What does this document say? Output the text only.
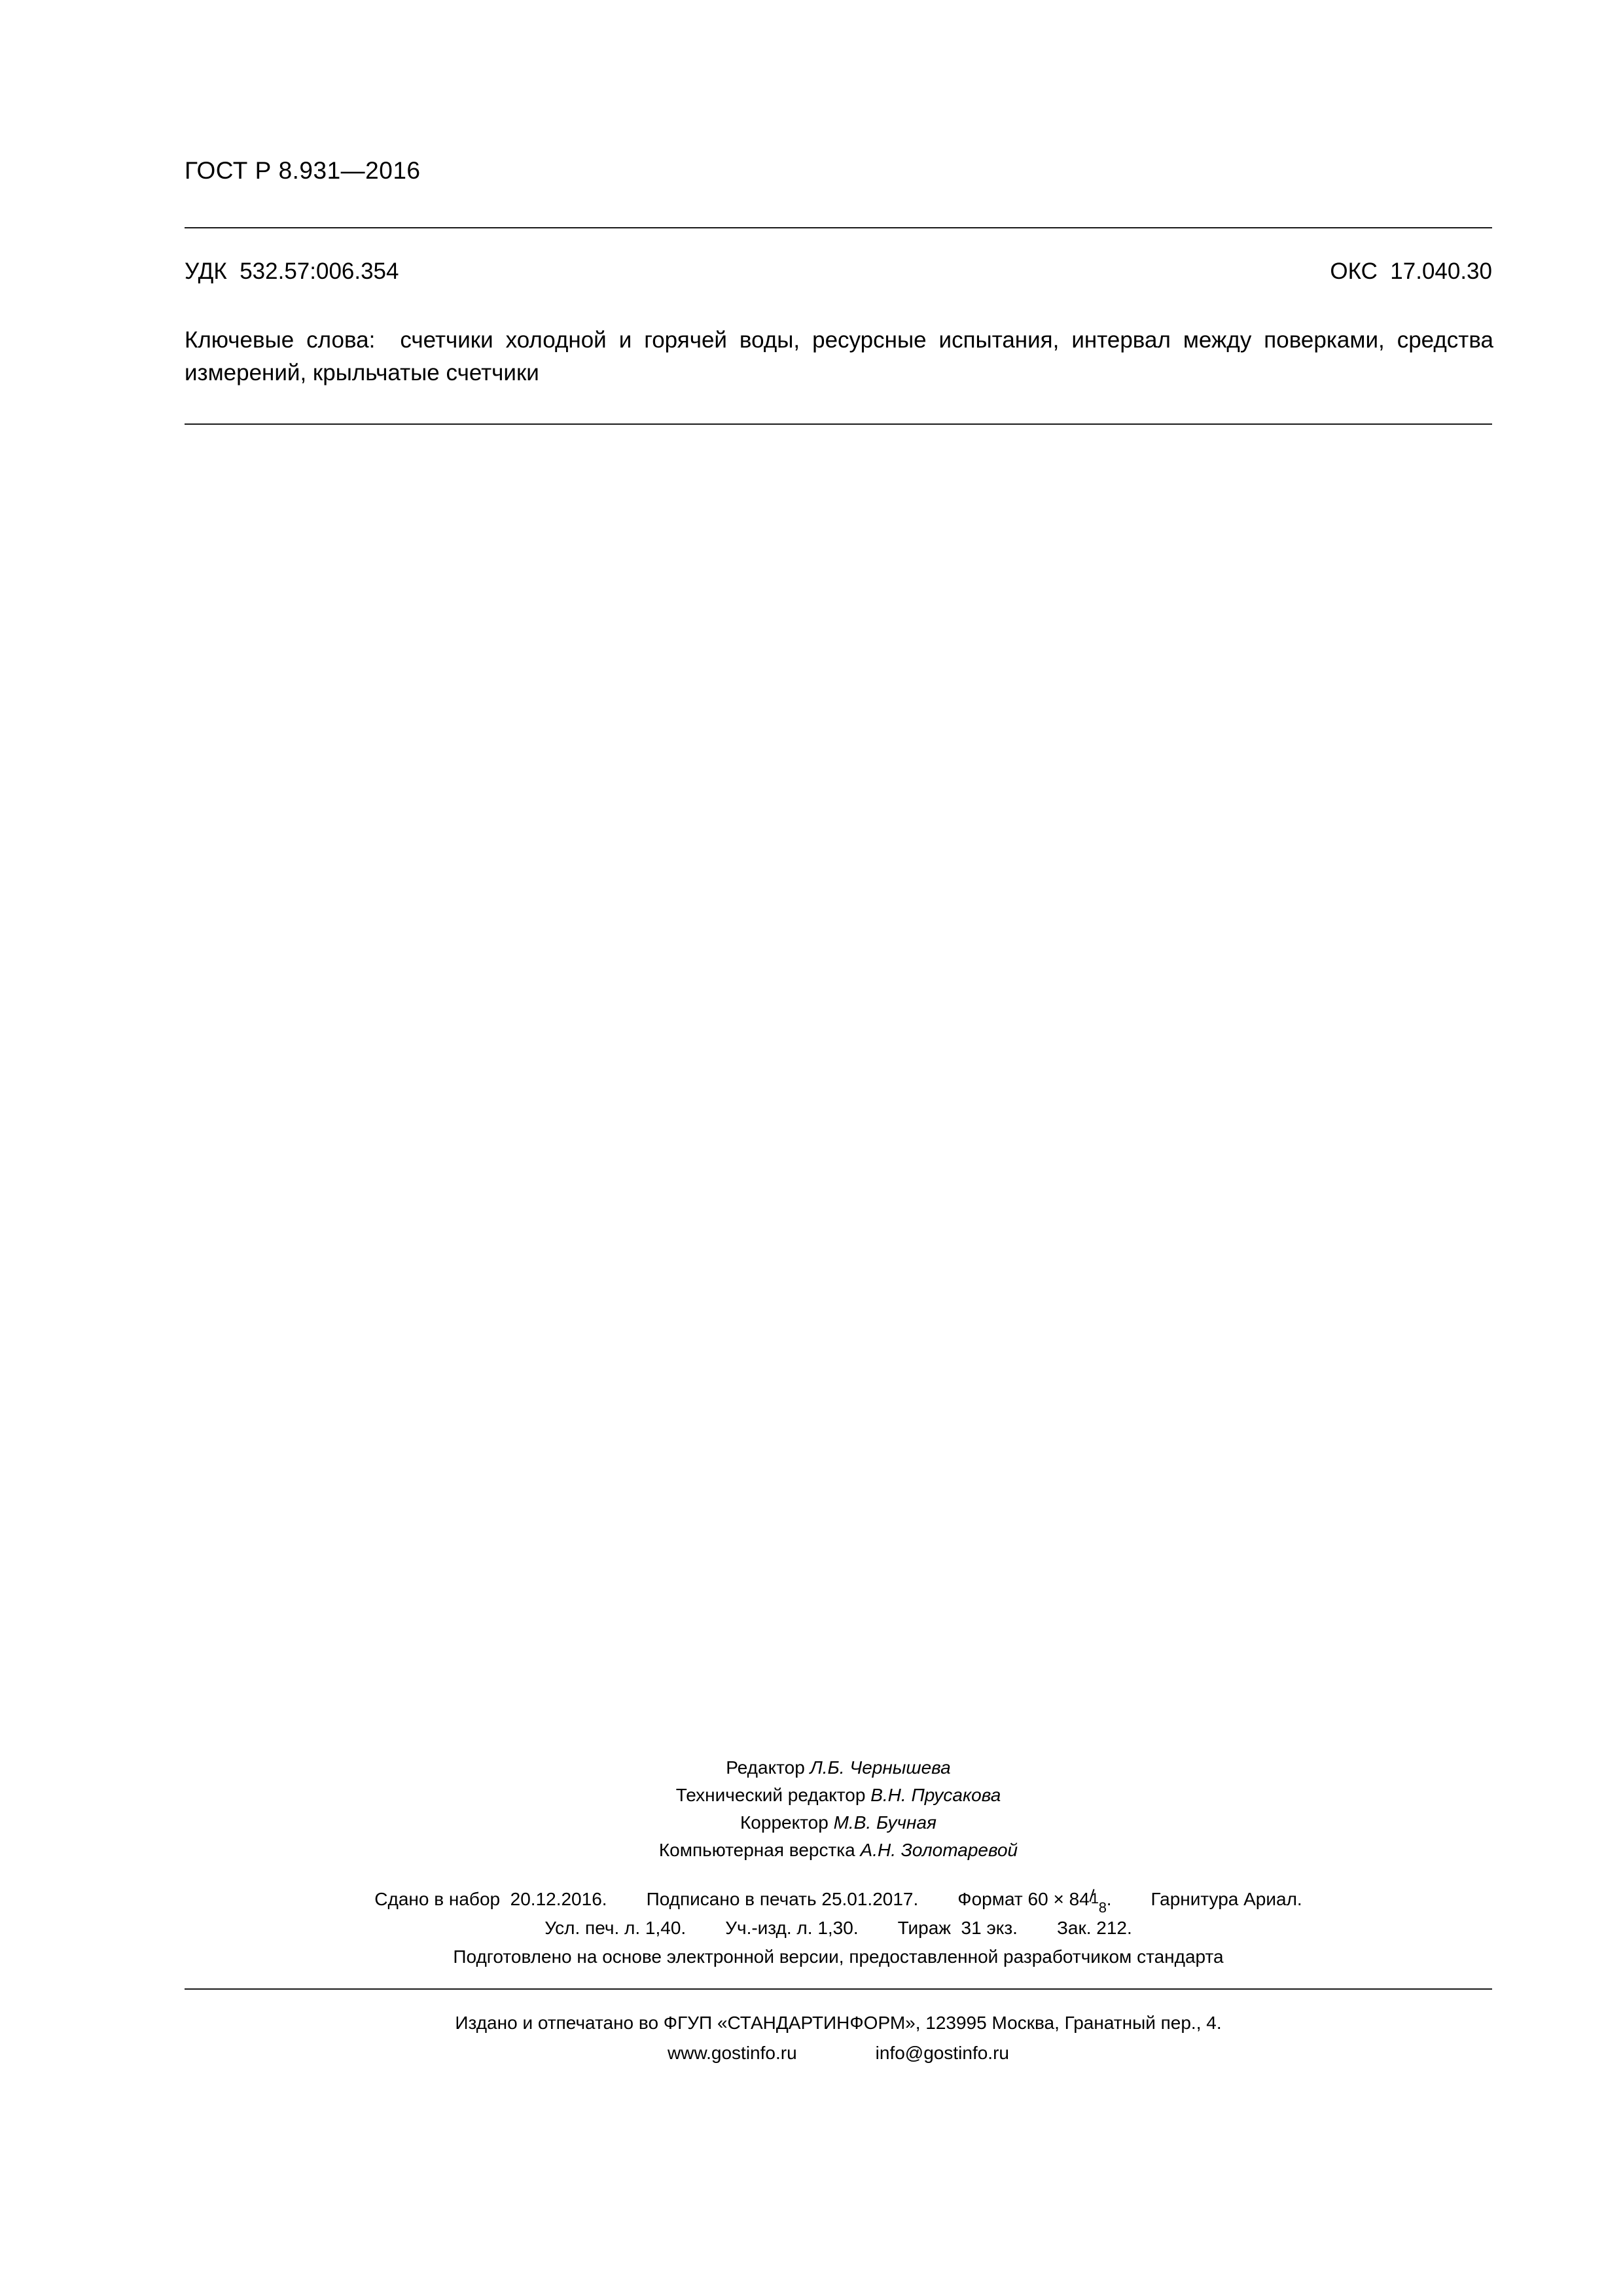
ГОСТ Р 8.931—2016
УДК  532.57:006.354	ОКС  17.040.30
Ключевые слова: счетчики холодной и горячей воды, ресурсные испытания, интервал между поверками, средства измерений, крыльчатые счетчики
Редактор Л.Б. Чернышева
Технический редактор В.Н. Прусакова
Корректор М.В. Бучная
Компьютерная верстка А.Н. Золотаревой
Сдано в набор  20.12.2016. Подписано в печать 25.01.2017. Формат 60 × 84 1
8 . Гарнитура Ариал.
Усл. печ. л. 1,40. Уч.-изд. л. 1,30. Тираж  31 экз. Зак. 212.
Подготовлено на основе электронной версии, предоставленной разработчиком стандарта
Издано и отпечатано во ФГУП «СТАНДАРТИНФОРМ», 123995 Москва, Гранатный пер., 4.
www.gostinfo.ru	info@gostinfo.ru
